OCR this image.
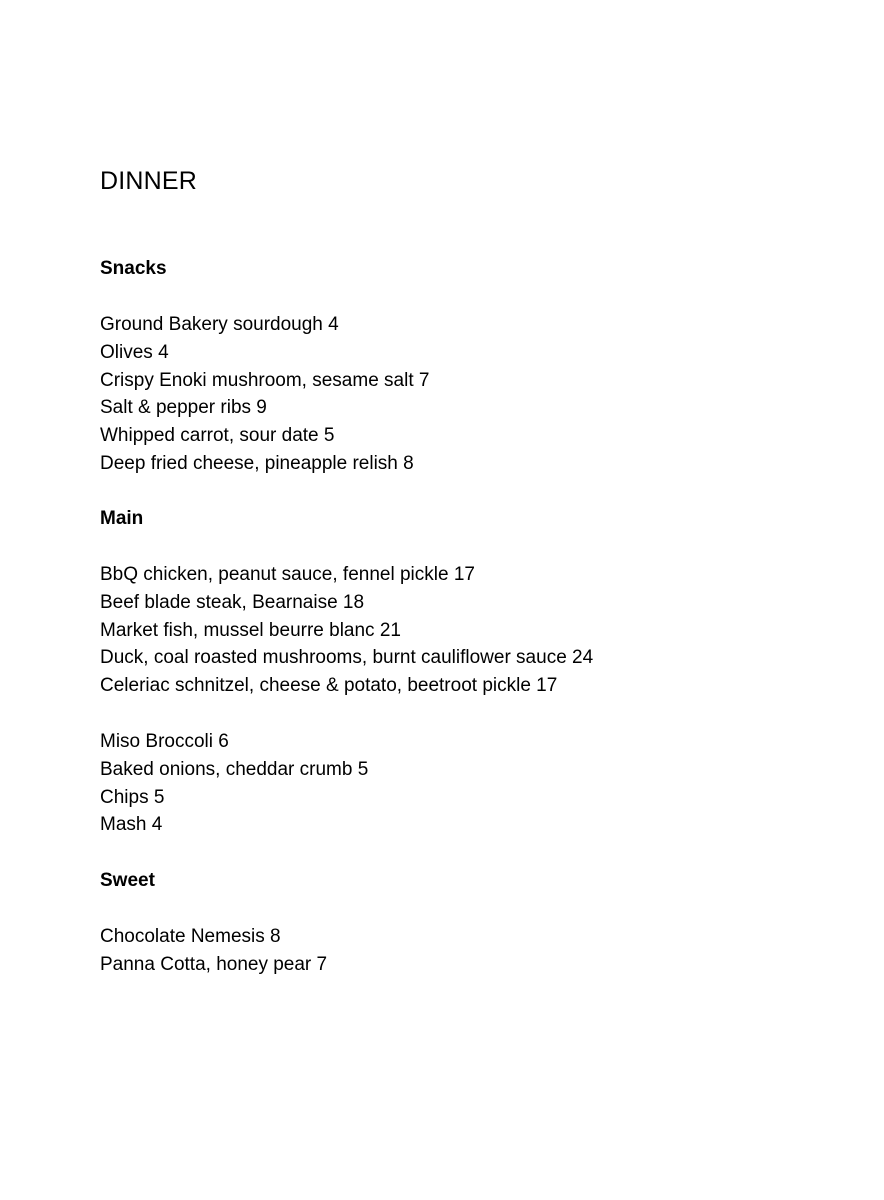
DINNER
Snacks
Ground Bakery sourdough 4
Olives 4
Crispy Enoki mushroom, sesame salt 7
Salt & pepper ribs 9
Whipped carrot, sour date 5
Deep fried cheese, pineapple relish 8
Main
BbQ chicken, peanut sauce, fennel pickle 17
Beef blade steak, Bearnaise 18
Market fish, mussel beurre blanc 21
Duck, coal roasted mushrooms, burnt cauliflower sauce 24
Celeriac schnitzel, cheese & potato, beetroot pickle 17
Miso Broccoli 6
Baked onions, cheddar crumb 5
Chips 5
Mash 4
Sweet
Chocolate Nemesis 8
Panna Cotta, honey pear 7
